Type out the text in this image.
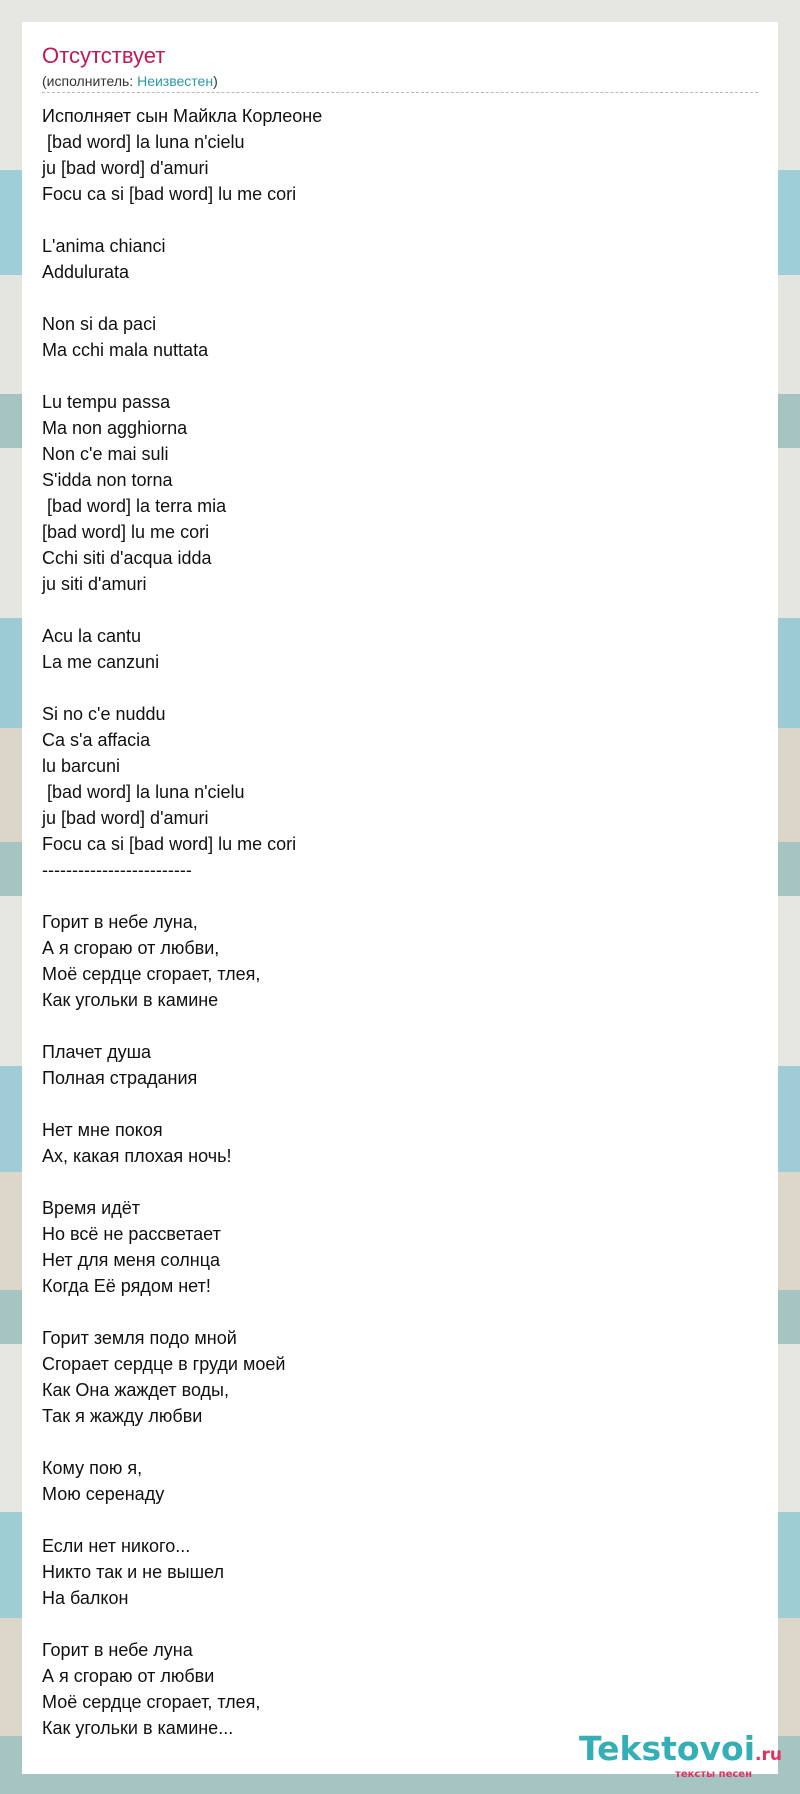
Отсутствует
(исполнитель: Неизвестен)
Исполняет сын Майкла Корлеоне
[bad word] la luna n'cielu
ju [bad word] d'amuri
Focu ca si [bad word] lu me cori
L'anima chianci
Addulurata
Non si da paci
Ma cchi mala nuttata
Lu tempu passa
Ma non agghiorna
Non c'e mai suli
S'idda non torna
[bad word] la terra mia
[bad word] lu me cori
Cchi siti d'acqua idda
ju siti d'amuri
Acu la cantu
La me canzuni
Si no c'e nuddu
Ca s'a affacia
lu barcuni
[bad word] la luna n'cielu
ju [bad word] d'amuri
Focu ca si [bad word] lu me cori
-------------------------
Горит в небе луна,
А я сгораю от любви,
Моё сердце сгорает, тлея,
Как угольки в камине
Плачет душа
Полная страдания
Нет мне покоя
Ах, какая плохая ночь!
Время идёт
Но всё не рассветает
Нет для меня солнца
Когда Её рядом нет!
Горит земля подо мной
Сгорает сердце в груди моей
Как Она жаждет воды,
Так я жажду любви
Кому пою я,
Мою серенаду
Если нет никого...
Никто так и не вышел
На балкон
Горит в небе луна
А я сгораю от любви
Моё сердце сгорает, тлея,
Как угольки в камине...
Tekstovoi.ru
тексты песен
